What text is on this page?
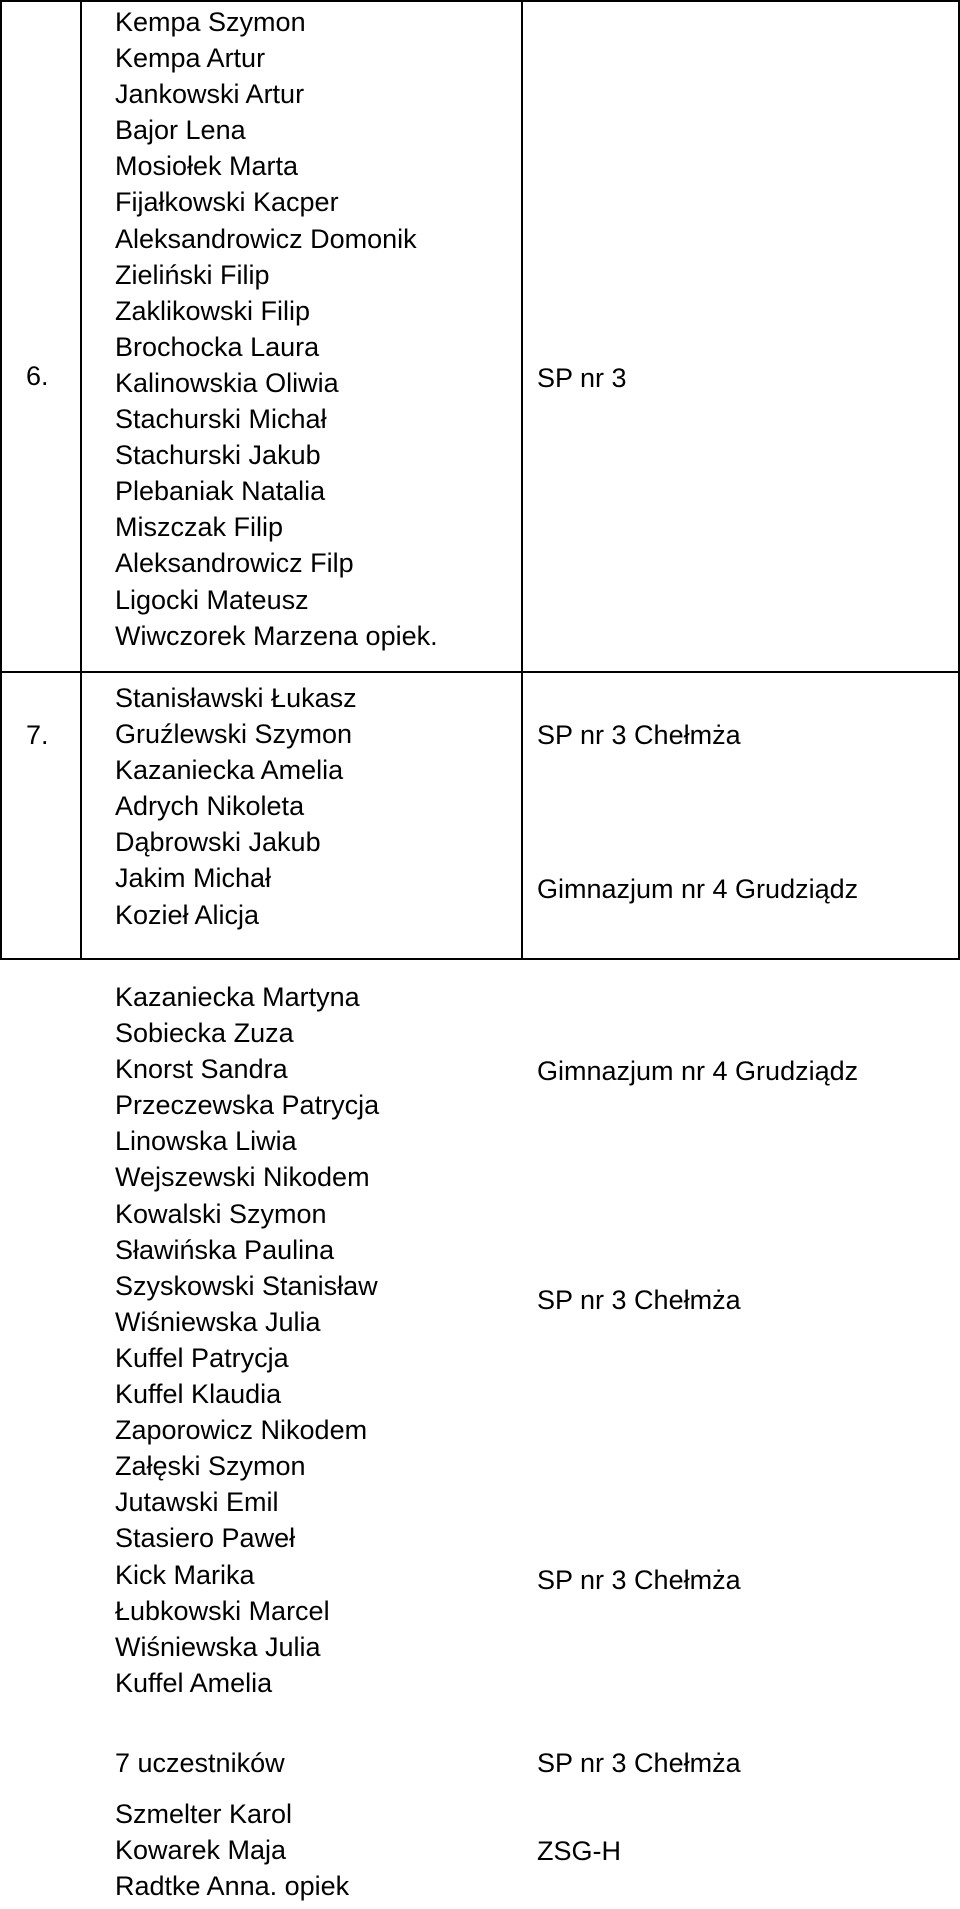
6.
Kempa Szymon
Kempa Artur
Jankowski Artur
Bajor Lena
Mosiołek Marta
Fijałkowski Kacper
Aleksandrowicz Domonik
Zieliński Filip
Zaklikowski Filip
Brochocka Laura
Kalinowskia Oliwia
Stachurski Michał
Stachurski Jakub
Plebaniak Natalia
Miszczak Filip
Aleksandrowicz Filp
Ligocki Mateusz
Wiwczorek Marzena opiek.
SP nr 3
7.
Stanisławski Łukasz
Gruźlewski Szymon
Kazaniecka Amelia
Adrych Nikoleta
Dąbrowski Jakub
Jakim Michał
Kozieł Alicja
SP nr 3 Chełmża
Gimnazjum nr 4 Grudziądz
Kazaniecka Martyna
Sobiecka Zuza
Knorst Sandra
Przeczewska Patrycja
Linowska Liwia
Wejszewski Nikodem
Kowalski Szymon
Sławińska Paulina
Szyskowski Stanisław
Wiśniewska Julia
Kuffel Patrycja
Kuffel Klaudia
Zaporowicz Nikodem
Załęski Szymon
Jutawski Emil
Stasiero Paweł
Kick Marika
Łubkowski Marcel
Wiśniewska Julia
Kuffel Amelia
Gimnazjum nr 4 Grudziądz
SP nr 3 Chełmża
SP nr 3 Chełmża
7 uczestników	SP nr 3 Chełmża
Szmelter Karol
Kowarek Maja
Radtke Anna. opiek
ZSG-H
